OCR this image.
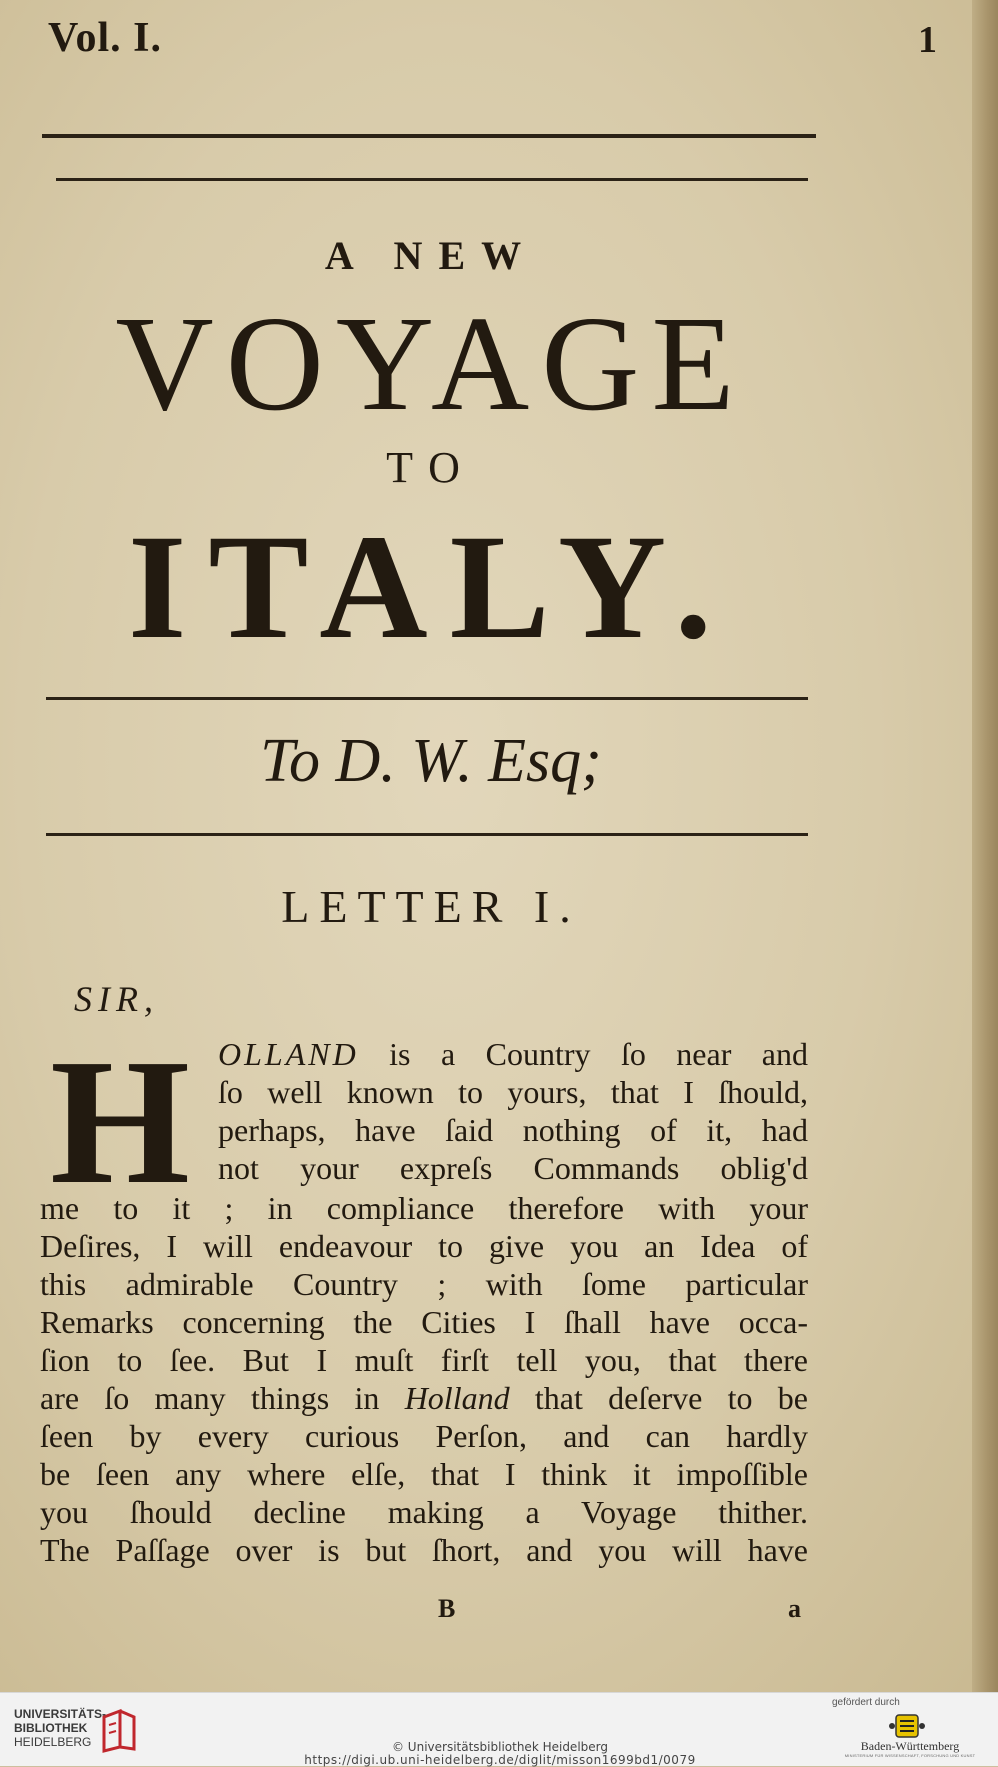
Vol. I.	1
A NEW
VOYAGE
TO
ITALY.
To D. W. Esq;
LETTER I.
SIR,
H OLLAND is a Country ſo near and
ſo well known to yours, that I ſhould,
perhaps, have ſaid nothing of it, had
not your expreſs Commands oblig'd
me to it ; in compliance therefore with your
Deſires, I will endeavour to give you an Idea of
this admirable Country ; with ſome particular
Remarks concerning the Cities I ſhall have occa-
ſion to ſee. But I muſt firſt tell you, that there
are ſo many things in Holland that deſerve to be
ſeen by every curious Perſon, and can hardly
be ſeen any where elſe, that I think it impoſſible
you ſhould decline making a Voyage thither.
The Paſſage over is but ſhort, and you will have
B	a
UNIVERSITÄTS-
BIBLIOTHEK
HEIDELBERG	© Universitätsbibliothek Heidelberg
https://digi.ub.uni-heidelberg.de/diglit/misson1699bd1/0079
gefördert durch
Baden-Württemberg
MINISTERIUM FÜR WISSENSCHAFT, FORSCHUNG UND KUNST
